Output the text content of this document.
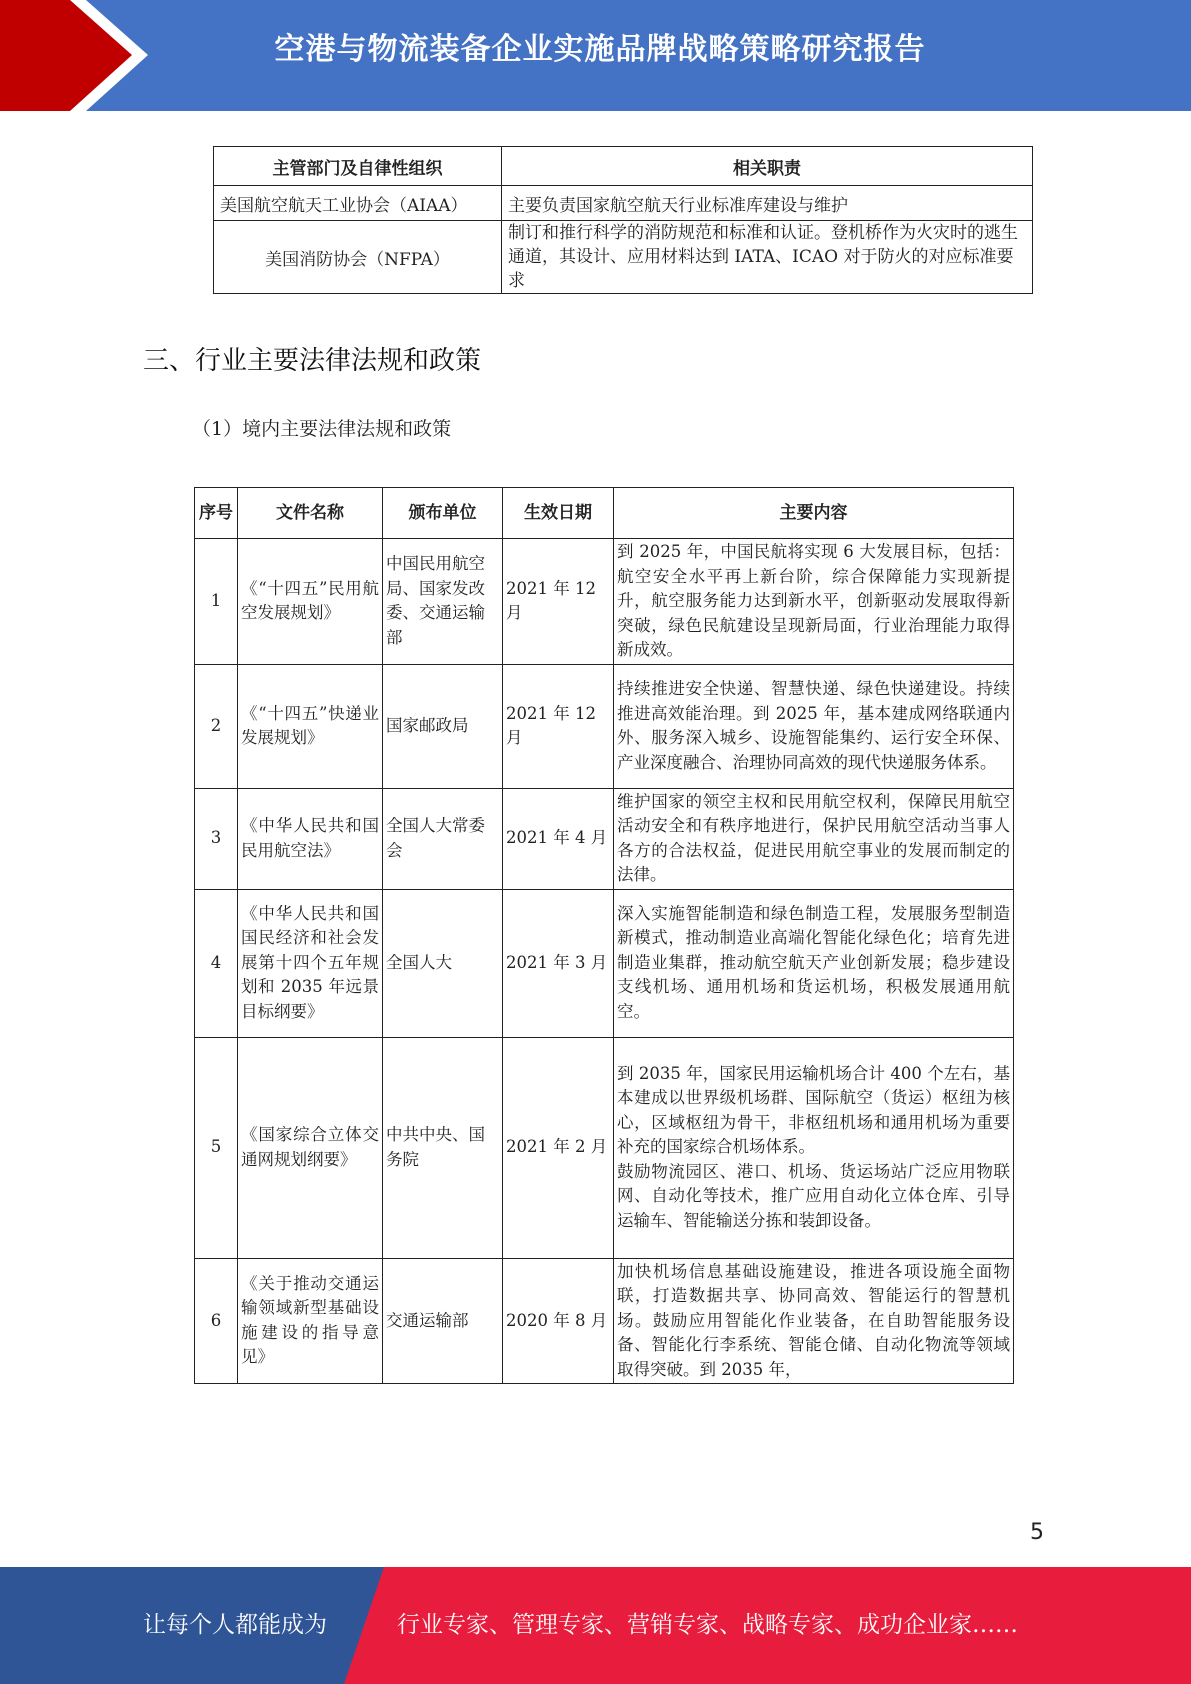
空港与物流装备企业实施品牌战略策略研究报告
主管部门及自律性组织	相关职责
美国航空航天工业协会（AIAA）	主要负责国家航空航天行业标准库建设与维护
美国消防协会（NFPA）	制订和推行科学的消防规范和标准和认证。登机桥作为火灾时的逃生通道，其设计、应用材料达到 IATA、ICAO 对于防火的对应标准要求
三、行业主要法律法规和政策
（1）境内主要法律法规和政策
序号	文件名称	颁布单位	生效日期	主要内容
1	《“十四五”民用航空发展规划》	中国民用航空局、国家发改委、交通运输部	2021 年 12 月	到 2025 年，中国民航将实现 6 大发展目标，包括：航空安全水平再上新台阶，综合保障能力实现新提升，航空服务能力达到新水平，创新驱动发展取得新突破，绿色民航建设呈现新局面，行业治理能力取得新成效。
2	《“十四五”快递业发展规划》	国家邮政局	2021 年 12 月	持续推进安全快递、智慧快递、绿色快递建设。持续推进高效能治理。到 2025 年，基本建成网络联通内外、服务深入城乡、设施智能集约、运行安全环保、产业深度融合、治理协同高效的现代快递服务体系。
3	《中华人民共和国民用航空法》	全国人大常委会	2021 年 4 月	维护国家的领空主权和民用航空权利，保障民用航空活动安全和有秩序地进行，保护民用航空活动当事人各方的合法权益，促进民用航空事业的发展而制定的法律。
4	《中华人民共和国国民经济和社会发展第十四个五年规划和 2035 年远景目标纲要》	全国人大	2021 年 3 月	深入实施智能制造和绿色制造工程，发展服务型制造新模式，推动制造业高端化智能化绿色化；培育先进制造业集群，推动航空航天产业创新发展；稳步建设支线机场、通用机场和货运机场，积极发展通用航空。
5	《国家综合立体交通网规划纲要》	中共中央、国务院	2021 年 2 月	到 2035 年，国家民用运输机场合计 400 个左右，基本建成以世界级机场群、国际航空（货运）枢纽为核心，区域枢纽为骨干，非枢纽机场和通用机场为重要补充的国家综合机场体系。
鼓励物流园区、港口、机场、货运场站广泛应用物联网、自动化等技术，推广应用自动化立体仓库、引导运输车、智能输送分拣和装卸设备。
6	《关于推动交通运输领域新型基础设施建设的指导意见》	交通运输部	2020 年 8 月	加快机场信息基础设施建设，推进各项设施全面物联，打造数据共享、协同高效、智能运行的智慧机场。鼓励应用智能化作业装备，在自助智能服务设备、智能化行李系统、智能仓储、自动化物流等领域取得突破。到 2035 年，
5
让每个人都能成为	行业专家、管理专家、营销专家、战略专家、成功企业家……
